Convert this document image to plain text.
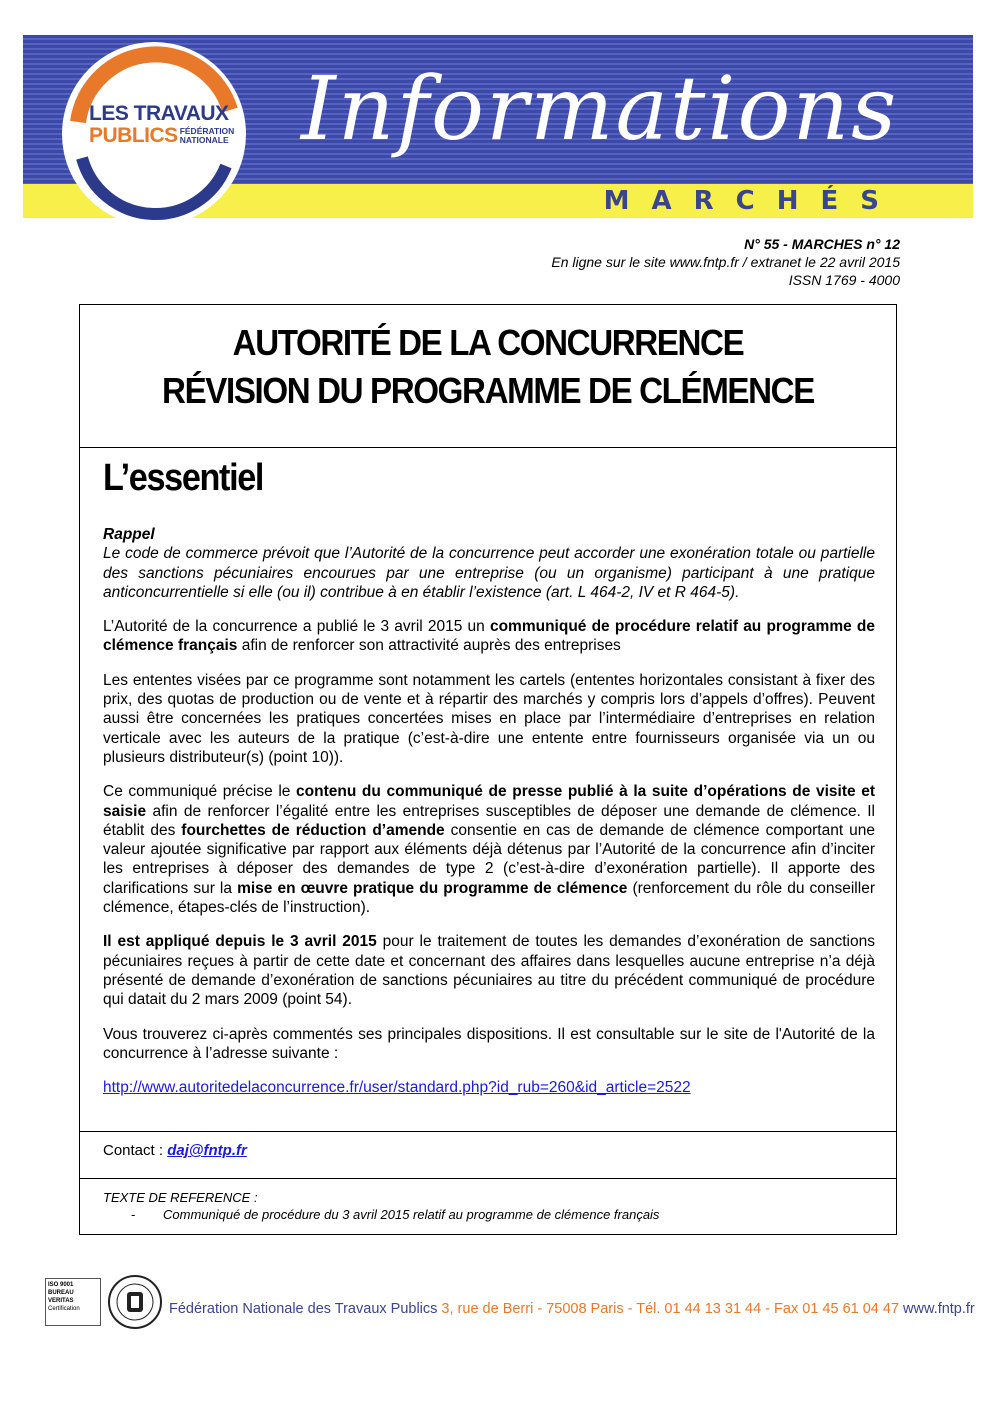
Informations
MARCHÉS
LES TRAVAUX
PUBLICS FÉDÉRATION
NATIONALE
N° 55 - MARCHES n° 12
En ligne sur le site www.fntp.fr / extranet le 22 avril 2015
ISSN 1769 - 4000
AUTORITÉ DE LA CONCURRENCE
RÉVISION DU PROGRAMME DE CLÉMENCE
L’essentiel

Rappel
Le code de commerce prévoit que l’Autorité de la concurrence peut accorder une exonération totale ou partielle des sanctions pécuniaires encourues par une entreprise (ou un organisme) participant à une pratique anticoncurrentielle si elle (ou il) contribue à en établir l’existence (art. L 464-2, IV et R 464-5).

L’Autorité de la concurrence a publié le 3 avril 2015 un communiqué de procédure relatif au programme de clémence français afin de renforcer son attractivité auprès des entreprises

Les ententes visées par ce programme sont notamment les cartels (ententes horizontales consistant à fixer des prix, des quotas de production ou de vente et à répartir des marchés y compris lors d’appels d’offres). Peuvent aussi être concernées les pratiques concertées mises en place par l’intermédiaire d’entreprises en relation verticale avec les auteurs de la pratique (c’est-à-dire une entente entre fournisseurs organisée via un ou plusieurs distributeur(s) (point 10)).

Ce communiqué précise le contenu du communiqué de presse publié à la suite d’opérations de visite et saisie afin de renforcer l’égalité entre les entreprises susceptibles de déposer une demande de clémence. Il établit des fourchettes de réduction d’amende consentie en cas de demande de clémence comportant une valeur ajoutée significative par rapport aux éléments déjà détenus par l’Autorité de la concurrence afin d’inciter les entreprises à déposer des demandes de type 2 (c’est-à-dire d’exonération partielle). Il apporte des clarifications sur la mise en œuvre pratique du programme de clémence (renforcement du rôle du conseiller clémence, étapes-clés de l’instruction).

Il est appliqué depuis le 3 avril 2015 pour le traitement de toutes les demandes d’exonération de sanctions pécuniaires reçues à partir de cette date et concernant des affaires dans lesquelles aucune entreprise n’a déjà présenté de demande d’exonération de sanctions pécuniaires au titre du précédent communiqué de procédure qui datait du 2 mars 2009 (point 54).

Vous trouverez ci-après commentés ses principales dispositions. Il est consultable sur le site de l'Autorité de la concurrence à l’adresse suivante :

http://www.autoritedelaconcurrence.fr/user/standard.php?id_rub=260&id_article=2522

Contact : daj@fntp.fr
TEXTE DE REFERENCE :
- Communiqué de procédure du 3 avril 2015 relatif au programme de clémence français
ISO 9001
BUREAU VERITAS
Certification	Fédération Nationale des Travaux Publics 3, rue de Berri - 75008 Paris - Tél. 01 44 13 31 44 - Fax 01 45 61 04 47 www.fntp.fr
